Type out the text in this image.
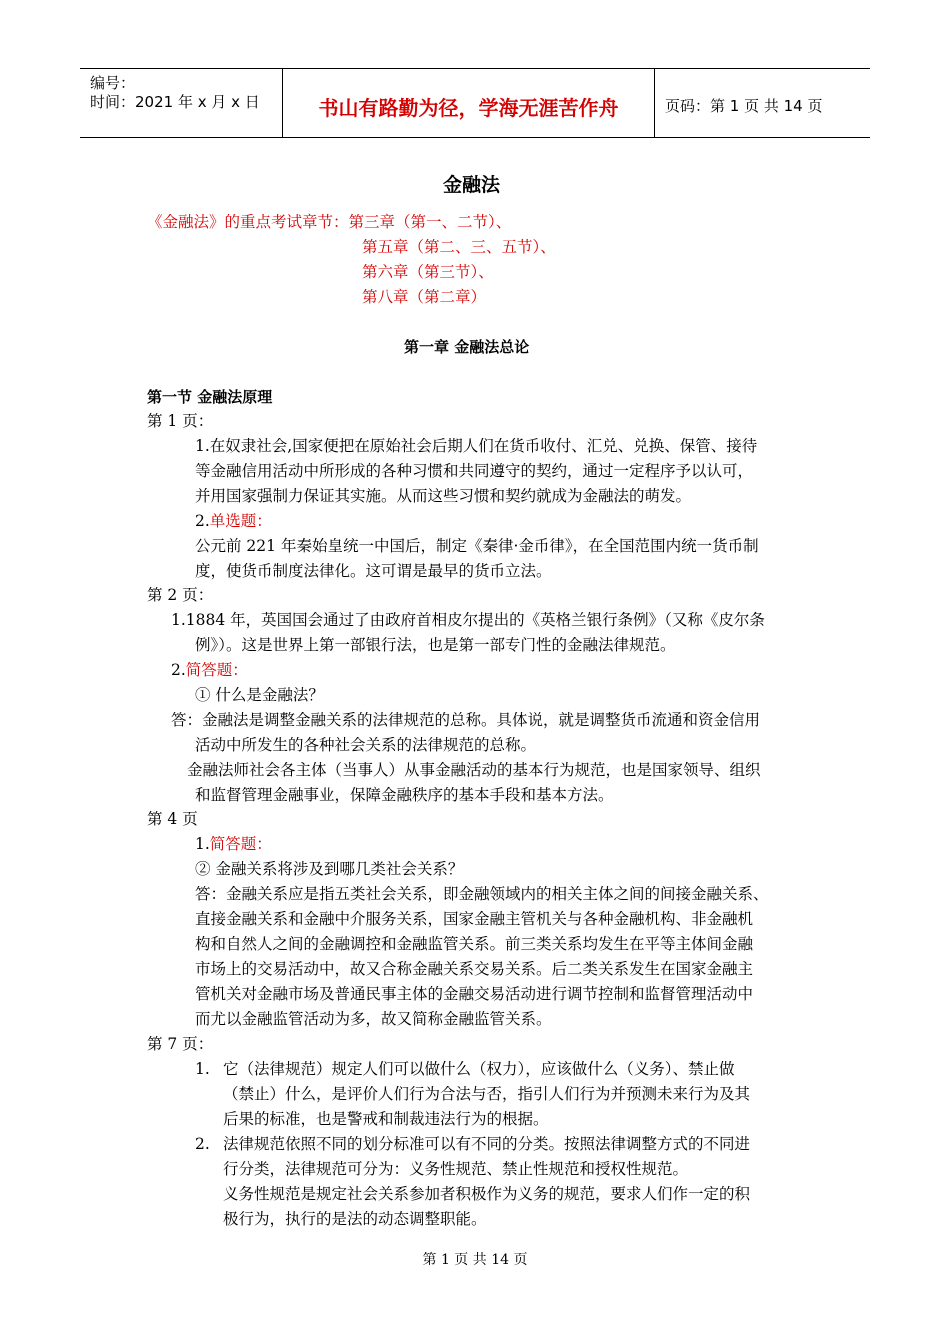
编号：
时间：2021 年 x 月 x 日	书山有路勤为径，学海无涯苦作舟	页码：第 1 页 共 14 页
金融法
《金融法》的重点考试章节：第三章（第一、二节）、
第五章（第二、三、五节）、
第六章（第三节）、
第八章（第二章）
第一章 金融法总论
第一节 金融法原理
第 1 页：
1.在奴隶社会,国家便把在原始社会后期人们在货币收付、汇兑、兑换、保管、接待
等金融信用活动中所形成的各种习惯和共同遵守的契约，通过一定程序予以认可，
并用国家强制力保证其实施。从而这些习惯和契约就成为金融法的萌发。
2.单选题：
公元前 221 年秦始皇统一中国后，制定《秦律·金币律》，在全国范围内统一货币制
度，使货币制度法律化。这可谓是最早的货币立法。
第 2 页：
1.1884 年，英国国会通过了由政府首相皮尔提出的《英格兰银行条例》（又称《皮尔条
例》）。这是世界上第一部银行法，也是第一部专门性的金融法律规范。
2.简答题：
① 什么是金融法？
答：金融法是调整金融关系的法律规范的总称。具体说，就是调整货币流通和资金信用
活动中所发生的各种社会关系的法律规范的总称。
金融法师社会各主体（当事人）从事金融活动的基本行为规范，也是国家领导、组织
和监督管理金融事业，保障金融秩序的基本手段和基本方法。
第 4 页
1.简答题：
② 金融关系将涉及到哪几类社会关系？
答：金融关系应是指五类社会关系，即金融领域内的相关主体之间的间接金融关系、
直接金融关系和金融中介服务关系，国家金融主管机关与各种金融机构、非金融机
构和自然人之间的金融调控和金融监管关系。前三类关系均发生在平等主体间金融
市场上的交易活动中，故又合称金融关系交易关系。后二类关系发生在国家金融主
管机关对金融市场及普通民事主体的金融交易活动进行调节控制和监督管理活动中
而尤以金融监管活动为多，故又简称金融监管关系。
第 7 页：
1. 它（法律规范）规定人们可以做什么（权力），应该做什么（义务）、禁止做
（禁止）什么，是评价人们行为合法与否，指引人们行为并预测未来行为及其
后果的标准，也是警戒和制裁违法行为的根据。
2. 法律规范依照不同的划分标准可以有不同的分类。按照法律调整方式的不同进
行分类，法律规范可分为：义务性规范、禁止性规范和授权性规范。
义务性规范是规定社会关系参加者积极作为义务的规范，要求人们作一定的积
极行为，执行的是法的动态调整职能。
第 1 页 共 14 页
